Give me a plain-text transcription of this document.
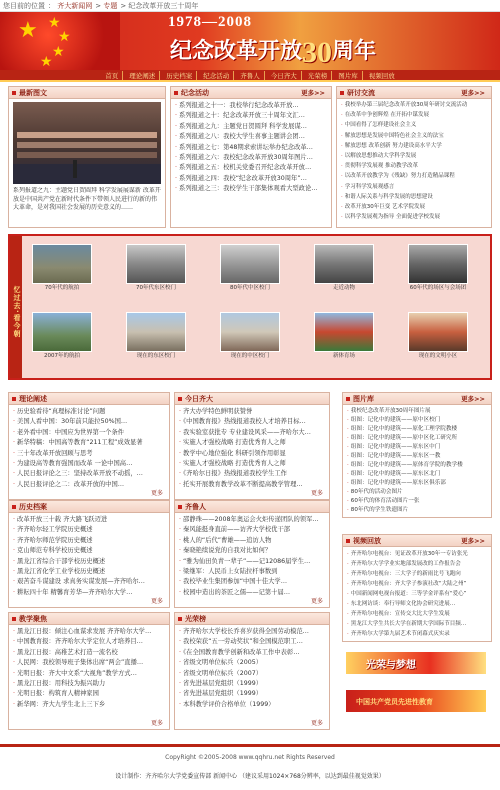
您目前的位置 ： 齐大新闻网 > 专题 > 纪念改革开放三十周年
★ ★
★
★
★
1978—2008
纪念改革开放30周年
首页	理论阐述	历史档案	纪念活动	齐鲁人	今日齐大	光荣榜	图片库	视频回放
最新图文
系列报道之九：主题党日贺圆拜 科学发展展谋新 改革开放是中国共产党在新时代条件下带领人民进行的新的伟大革命，是对我国社会发展的历史意义的……
纪念活动	更多>>
· 系列报道之十一：我校举行纪念改革开放…
· 系列报道之十：纪念改革开放三十周年文汇…
· 系列报道之九：主题党日贺圆拜 科学发展谋…
· 系列报道之八：我校大学生喜事主题讲会团…
· 系列报道之七：第48期求索讲坛举办纪念改革…
· 系列报道之六：我校纪念改革开放30周年图片…
· 系列报道之五：校机关党委召开纪念改革开放…
· 系列报道之四：我校“纪念改革开放30周年”…
· 系列报道之三：我校学生干部集体观看大型政论…
研讨交流	更多>>
· 我校举办第三届纪念改革开放30周年研讨交流活动
· 在改革中争创辉煌 在开拓中谋发展
· 中国看得了怎样建设社会主义
· 解放思想是发展中国特色社会主义的法宝
· 解放思想 改革创新 努力建设高水平大学
· 以解放思想推动大学科学发展
· 贯彻科学发展观 推动教学改革
· 以改革开放教学为《残缺》努力打造精品课程
· 学习科学发展观感言
· 和谐人际关系与科学发展的思想建设
· 改革开放30年巨变 艺术学院发展
· 以科学发展观为指导 全面促进学校发展
忆过去·看今朝	70年代的航拍	70年代东区校门	80年代中区校门	走近动物	60年代的场区与会场团
2007年的航拍	现在的东区校门	现在的中区校门	新体育场	现在的文明小区
理论阐述
· 历史验看待“真理标准讨论”问题
· 美国人看中国：30年前只能拉50%国…
· 老外看中国：中国应为世界第一个条件
· 新华特稿：中国高等教育“211工程”成效显著
· 三十年改革开放回顾与思考
· 为建设高等教育强国而改革 一论中国高…
· 人民日报评论之三：坚持改革开放不动摇，…
· 人民日报评论之二：改革开放的中国…
更多
今日齐大
· 齐大办学特色鲜明获赞誉
· 《中国教育报》热线报道我校人才培养目标…
· 我实验室获批专 专业建设风采——齐哈尔大…
· 实施人才强校战略 打造优秀育人之师
· 教学中心地位强化 科研引领作用彰显
· 实施人才强校战略 打造优秀育人之师
· 《齐哈尔日报》热线报道我校学生工作
· 托实开展教育教学改革不断提高教学管理…
更多
历史档案
· 改革开放三十载 齐大路飞跃迈进
· 齐齐哈尔轻工学院历史概述
· 齐齐哈尔师范学院历史概述
· 克山师范专科学校历史概述
· 黑龙江省综合干部学校历史概述
· 黑龙江省化学工业学校历史概述
· 艰苦奋斗谋建设 求真务实谋发展—齐齐哈尔…
· 耕耘四十年 精馨育芳华—齐齐哈尔大学…
更多
齐鲁人
· 邵静珠——2008年奥运会火炬传递团队的领军…
· 秦风能挺身直前——访齐大学校优干部
· 桃人的“后代”曹雄——追访人物
· 秦晓艳续说党的自我对比如何？
· “雅为仙田负青一辈子”——记12086届学生…
· 梁继军：人民币上女陆拉杆事数到
· 我校毕业生集团参加“中国十佳大学…
· 校园中造出的茶匠之儒——记第十届…
更多
教学聚焦
· 黑龙江日报：倾注心血谋求发展 齐齐哈尔大学…
· 中国教育报：齐齐哈尔大学定位人才培养目…
· 黑龙江日报：高稚艺术打造一流名校
· 人民网：我校领导班子集体出席“两会”直播…
· 光明日报：齐大中文系“大视角”教学方式…
· 黑龙江日报：用科技为振兴助力
· 光明日报：构筑育人精神家园
· 新华网：齐大九学生北上三下乡
更多
光荣榜
· 齐齐哈尔大学校长乔喜岁获得全国劳动模范…
· 我校荣获“五一劳动奖状”和全国模范职工…
· 《在全国教育教学创新和改革工作中表彰…
· 省级文明单位标兵（2005）
· 省级文明单位标兵（2007）
· 省先进基层党组织（1999）
· 省先进基层党组织（1999）
· 本科教学评价合格单位（1999）
更多
图片库	更多>>
· 我校纪念改革开放30周年图片展
· 组图：记化中的建筑——原中区校门
· 组图：记化中的建筑——原化工理学院教楼
· 组图：记化中的建筑——原中区化工研究所
· 组图：记化中的建筑——原东区中门
· 组图：记化中的建筑——原东区一教
· 组图：记化中的建筑——原体育学院的教学楼
· 组图：记化中的建筑——原东区北门
· 组图：记化中的建筑——原东区俱乐部
· 80年代的活动会图片
· 60年代的体育活动图片一张
· 80年代的学生铁遗图片
视频回放	更多>>
· 齐齐哈尔电视台：见证改革开放30年一专访张光
· 齐齐哈尔大学学业实地部发展改的工作报告会
· 齐齐哈尔电视台：三大学子的新雨比号飞跑向
· 齐齐哈尔电视台：齐大学子参演社改“大陆之州”
· 中国新闻网电视台报道：三等学金评系有“爱心”
· 东北网访谈：奉行导师文化协会研究进展…
· 齐齐哈尔电视台：宣传交大比大学生发展
· 黑龙江大学生共长大学在新期大学国际节目频…
· 齐齐哈尔大学第九届艺术节闭幕式庆实录
光荣与梦想
中国共产党员先进性教育
CopyRight ©2005-2008 www.qqhru.net Rights Reserved
设计制作：齐齐哈尔大学党委宣传部 新闻中心 （建议采用1024×768分辨率，以达到最佳视觉效果）
